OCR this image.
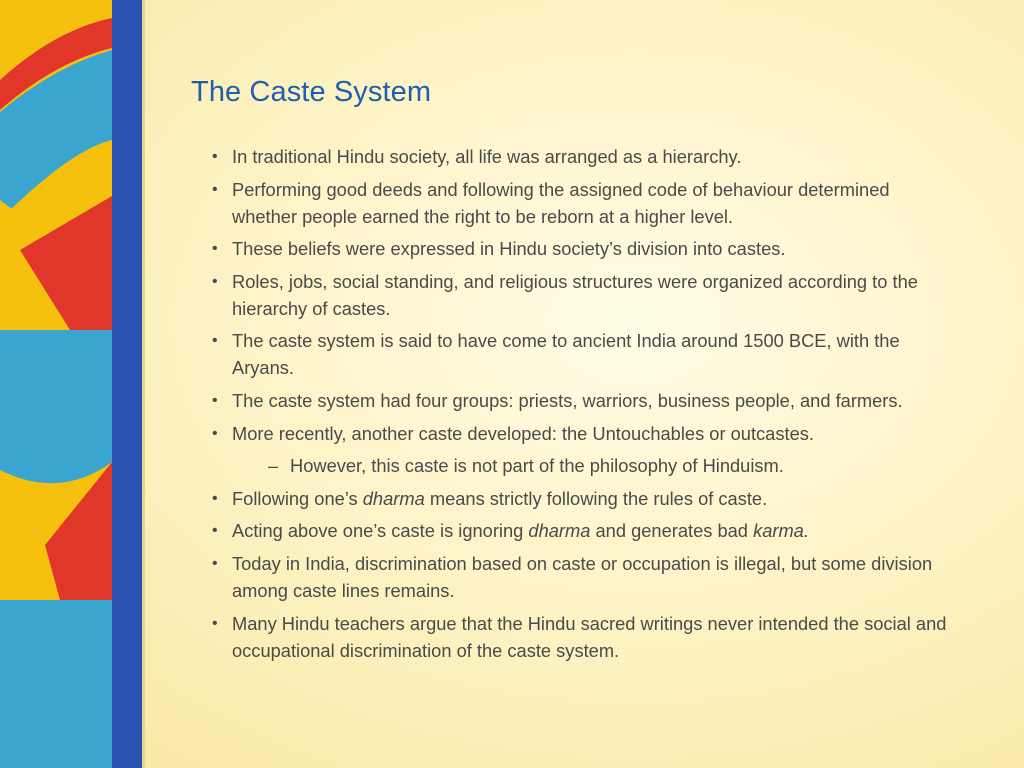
The Caste System
• In traditional Hindu society, all life was arranged as a hierarchy.
• Performing good deeds and following the assigned code of behaviour determined whether people earned the right to be reborn at a higher level.
• These beliefs were expressed in Hindu society’s division into castes.
• Roles, jobs, social standing, and religious structures were organized according to the hierarchy of castes.
• The caste system is said to have come to ancient India around 1500 BCE, with the Aryans.
• The caste system had four groups: priests, warriors, business people, and farmers.
• More recently, another caste developed: the Untouchables or outcastes.
– However, this caste is not part of the philosophy of Hinduism.
• Following one’s dharma means strictly following the rules of caste.
• Acting above one’s caste is ignoring dharma and generates bad karma.
• Today in India, discrimination based on caste or occupation is illegal, but some division among caste lines remains.
• Many Hindu teachers argue that the Hindu sacred writings never intended the social and occupational discrimination of the caste system.
